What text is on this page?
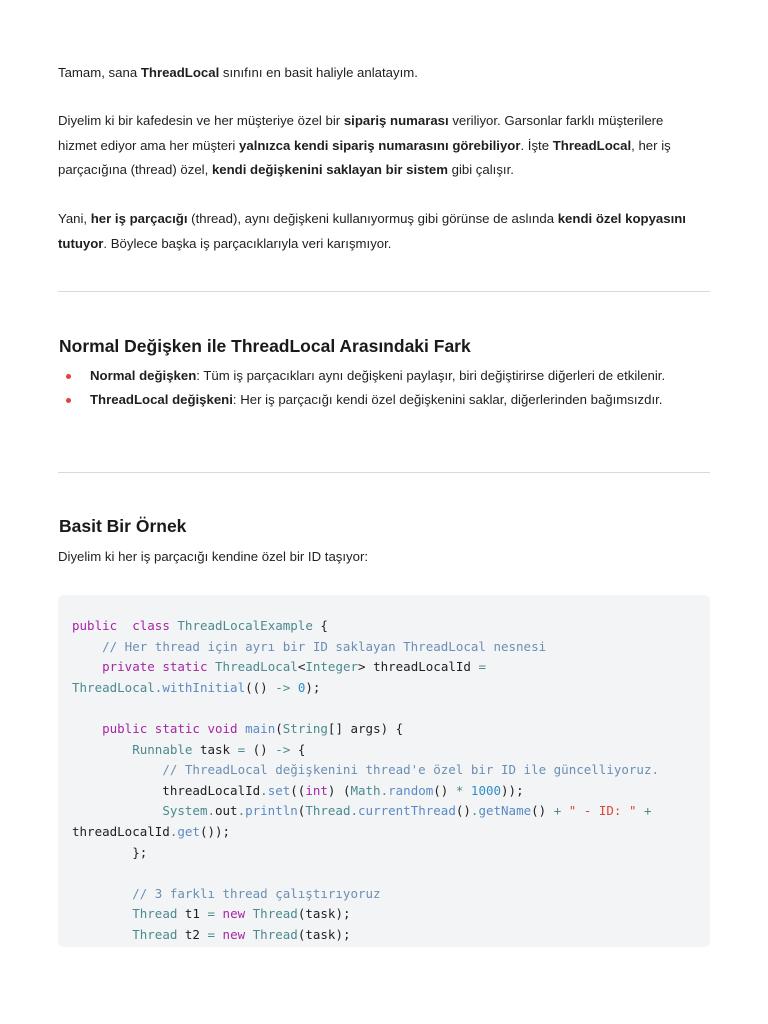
Tamam, sana ThreadLocal sınıfını en basit haliyle anlatayım.

Diyelim ki bir kafedesin ve her müşteriye özel bir sipariş numarası veriliyor. Garsonlar farklı müşterilere hizmet ediyor ama her müşteri yalnızca kendi sipariş numarasını görebiliyor. İşte ThreadLocal, her iş parçacığına (thread) özel, kendi değişkenini saklayan bir sistem gibi çalışır.

Yani, her iş parçacığı (thread), aynı değişkeni kullanıyormuş gibi görünse de aslında kendi özel kopyasını tutuyor. Böylece başka iş parçacıklarıyla veri karışmıyor.

Normal Değişken ile ThreadLocal Arasındaki Fark
Normal değişken: Tüm iş parçacıkları aynı değişkeni paylaşır, biri değiştirirse diğerleri de etkilenir.
ThreadLocal değişkeni: Her iş parçacığı kendi özel değişkenini saklar, diğerlerinden bağımsızdır.
Basit Bir Örnek

Diyelim ki her iş parçacığı kendine özel bir ID taşıyor:

public class ThreadLocalExample {
// Her thread için ayrı bir ID saklayan ThreadLocal nesnesi
private static ThreadLocal<Integer> threadLocalId =
ThreadLocal.withInitial(() -> 0);

public static void main(String[] args) {
Runnable task = () -> {
// ThreadLocal değişkenini thread'e özel bir ID ile güncelliyoruz.
threadLocalId.set((int) (Math.random() * 1000));
System.out.println(Thread.currentThread().getName() + " - ID: " +
threadLocalId.get());
};

// 3 farklı thread çalıştırıyoruz
Thread t1 = new Thread(task);
Thread t2 = new Thread(task);
